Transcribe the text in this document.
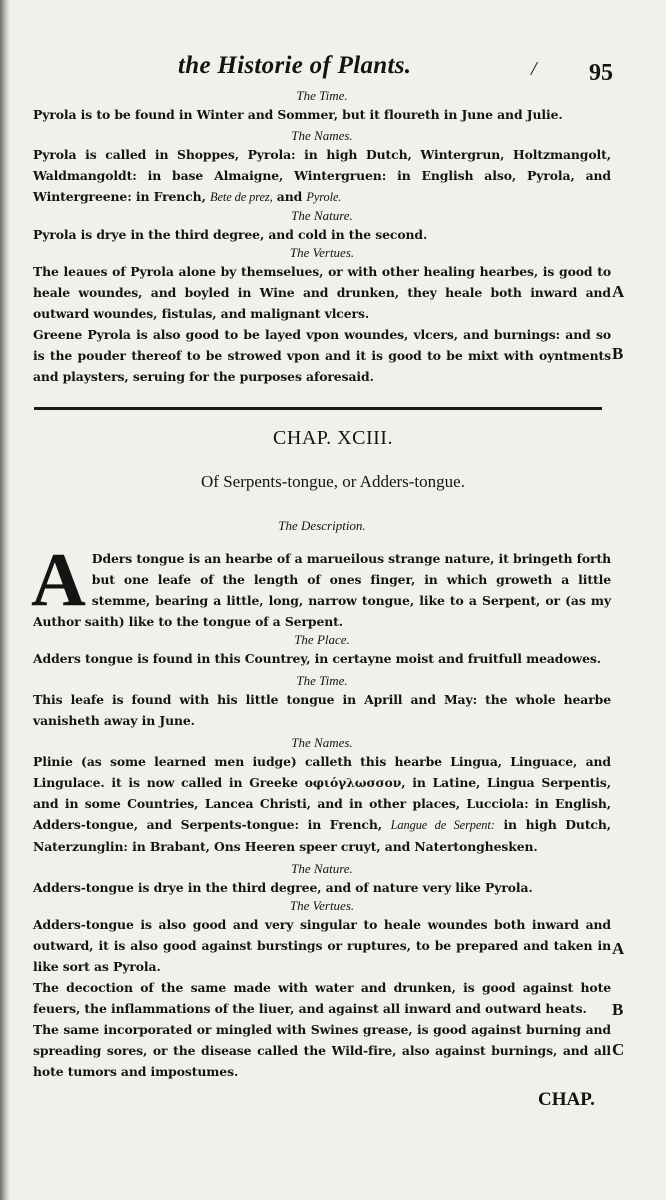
the Historie of Plants.	/ 95
The Time.

Pyrola is to be found in Winter and Sommer, but it floureth in June and Julie.

The Names.

Pyrola is called in Shoppes, Pyrola: in high Dutch, Wintergrun, Holtzmangolt, Waldmangoldt: in base Almaigne, Wintergruen: in English also, Pyrola, and Wintergreene: in French, Bete de prez, and Pyrole.

The Nature.

Pyrola is drye in the third degree, and cold in the second.

The Vertues.

The leaues of Pyrola alone by themselues, or with other healing hearbes, is good to heale woundes, and boyled in Wine and drunken, they heale both inward and outward woundes, fistulas, and malignant vlcers.

Greene Pyrola is also good to be layed vpon woundes, vlcers, and burnings: and so is the pouder thereof to be strowed vpon and it is good to be mixt with oyntments and playsters, seruing for the purposes aforesaid.

CHAP. XCIII.
Of Serpents-tongue, or Adders-tongue.
The Description.

A Dders tongue is an hearbe of a marueilous strange nature, it bringeth forth but one leafe of the length of ones finger, in which groweth a little stemme, bearing a little, long, narrow tongue, like to a Serpent, or (as my Author saith) like to the tongue of a Serpent.

The Place.

Adders tongue is found in this Countrey, in certayne moist and fruitfull meadowes.

The Time.

This leafe is found with his little tongue in Aprill and May: the whole hearbe vanisheth away in June.

The Names.

Plinie (as some learned men iudge) calleth this hearbe Lingua, Linguace, and Lingulace. it is now called in Greeke οφιόγλωσσον, in Latine, Lingua Serpentis, and in some Countries, Lancea Christi, and in other places, Lucciola: in English, Adders-tongue, and Serpents-tongue: in French, Langue de Serpent: in high Dutch, Naterzunglin: in Brabant, Ons Heeren speer cruyt, and Natertonghesken.

The Nature.

Adders-tongue is drye in the third degree, and of nature very like Pyrola.

The Vertues.

Adders-tongue is also good and very singular to heale woundes both inward and outward, it is also good against burstings or ruptures, to be prepared and taken in like sort as Pyrola.

The decoction of the same made with water and drunken, is good against hote feuers, the inflammations of the liuer, and against all inward and outward heats.

The same incorporated or mingled with Swines grease, is good against burning and spreading sores, or the disease called the Wild-fire, also against burnings, and all hote tumors and impostumes.

A
B
A
B
C
CHAP.
